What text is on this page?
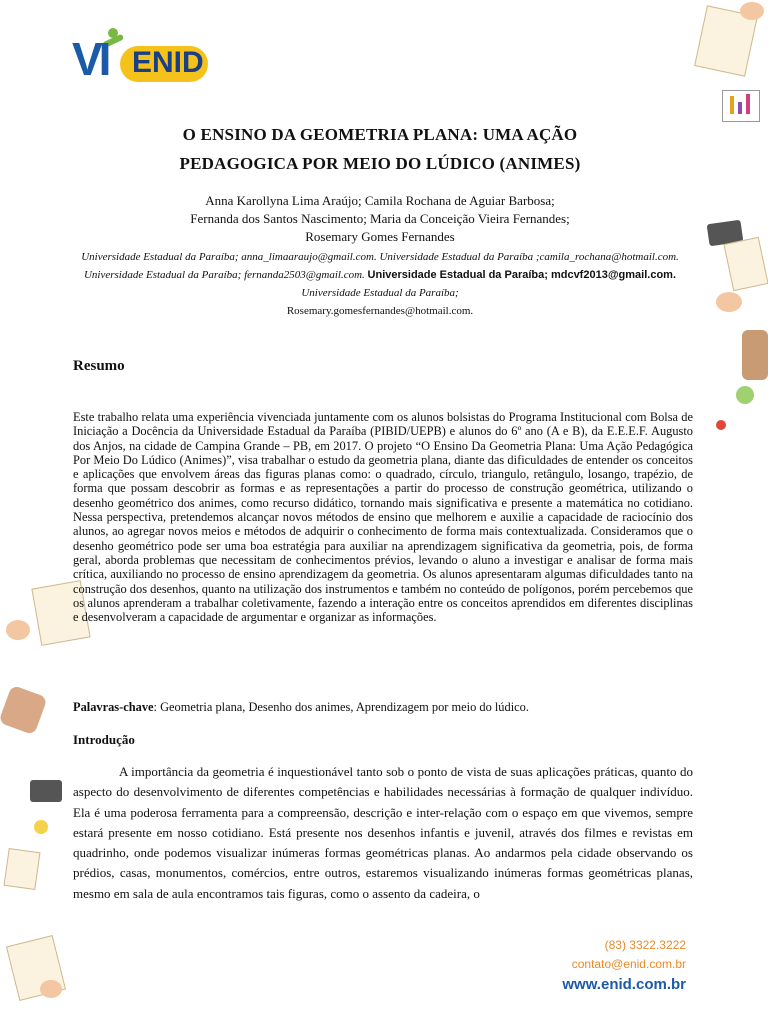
VI ENID
O ENSINO DA GEOMETRIA PLANA: UMA AÇÃO
PEDAGOGICA POR MEIO DO LÚDICO (ANIMES)
Anna Karollyna Lima Araújo; Camila Rochana de Aguiar Barbosa;
Fernanda dos Santos Nascimento; Maria da Conceição Vieira Fernandes;
Rosemary Gomes Fernandes
Universidade Estadual da Paraíba; anna_limaaraujo@gmail.com. Universidade Estadual da Paraíba ;camila_rochana@hotmail.com. Universidade Estadual da Paraíba; fernanda2503@gmail.com. Universidade Estadual da Paraíba; mdcvf2013@gmail.com. Universidade Estadual da Paraíba;
Rosemary.gomesfernandes@hotmail.com.
Resumo
Este trabalho relata uma experiência vivenciada juntamente com os alunos bolsistas do Programa Institucional com Bolsa de Iniciação a Docência da Universidade Estadual da Paraíba (PIBID/UEPB) e alunos do 6º ano (A e B), da E.E.E.F. Augusto dos Anjos, na cidade de Campina Grande – PB, em 2017. O projeto “O Ensino Da Geometria Plana: Uma Ação Pedagógica Por Meio Do Lúdico (Animes)”, visa trabalhar o estudo da geometria plana, diante das dificuldades de entender os conceitos e aplicações que envolvem áreas das figuras planas como: o quadrado, círculo, triangulo, retângulo, losango, trapézio, de forma que possam descobrir as formas e as representações a partir do processo de construção geométrica, utilizando o desenho geométrico dos animes, como recurso didático, tornando mais significativa e presente a matemática no cotidiano. Nessa perspectiva, pretendemos alcançar novos métodos de ensino que melhorem e auxilie a capacidade de raciocínio dos alunos, ao agregar novos meios e métodos de adquirir o conhecimento de forma mais contextualizada. Consideramos que o desenho geométrico pode ser uma boa estratégia para auxiliar na aprendizagem significativa da geometria, pois, de forma geral, aborda problemas que necessitam de conhecimentos prévios, levando o aluno a investigar e analisar de forma mais crítica, auxiliando no processo de ensino aprendizagem da geometria. Os alunos apresentaram algumas dificuldades tanto na construção dos desenhos, quanto na utilização dos instrumentos e também no conteúdo de polígonos, porém percebemos que os alunos aprenderam a trabalhar coletivamente, fazendo a interação entre os conceitos aprendidos em diferentes disciplinas e desenvolveram a capacidade de argumentar e organizar as informações.
Palavras-chave: Geometria plana, Desenho dos animes, Aprendizagem por meio do lúdico.
Introdução
A importância da geometria é inquestionável tanto sob o ponto de vista de suas aplicações práticas, quanto do aspecto do desenvolvimento de diferentes competências e habilidades necessárias à formação de qualquer indivíduo. Ela é uma poderosa ferramenta para a compreensão, descrição e inter-relação com o espaço em que vivemos, sempre estará presente em nosso cotidiano. Está presente nos desenhos infantis e juvenil, através dos filmes e revistas em quadrinho, onde podemos visualizar inúmeras formas geométricas planas. Ao andarmos pela cidade observando os prédios, casas, monumentos, comércios, entre outros, estaremos visualizando inúmeras formas geométricas planas, mesmo em sala de aula encontramos tais figuras, como o assento da cadeira, o
(83) 3322.3222
contato@enid.com.br
www.enid.com.br
